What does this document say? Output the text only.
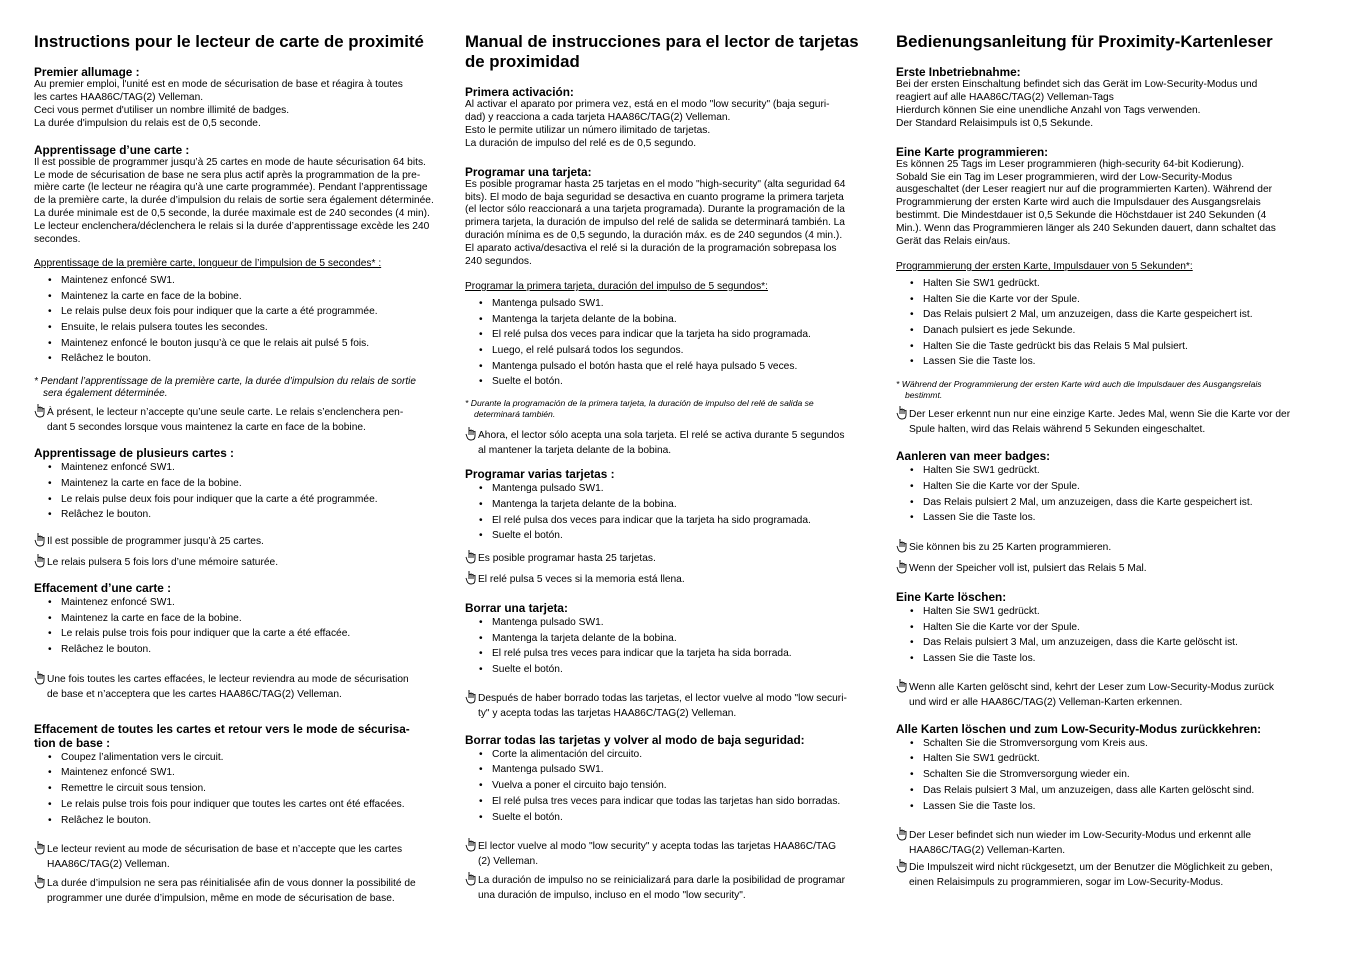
Instructions pour le lecteur de carte de proximité
Premier allumage :
Au premier emploi, l'unité est en mode de sécurisation de base et réagira à toutes
les cartes HAA86C/TAG(2) Velleman.
Ceci vous permet d'utiliser un nombre illimité de badges.
La durée d'impulsion du relais est de 0,5 seconde.
Apprentissage d’une carte :
Il est possible de programmer jusqu’à 25 cartes en mode de haute sécurisation 64 bits.
Le mode de sécurisation de base ne sera plus actif après la programmation de la pre-
mière carte (le lecteur ne réagira qu’à une carte programmée). Pendant l’apprentissage
de la première carte, la durée d’impulsion du relais de sortie sera également déterminée.
La durée minimale est de 0,5 seconde, la durée maximale est de 240 secondes (4 min).
Le lecteur enclenchera/déclenchera le relais si la durée d’apprentissage excède les 240
secondes.
Apprentissage de la première carte, longueur de l’impulsion de 5 secondes* :
• Maintenez enfoncé SW1.
• Maintenez la carte en face de la bobine.
• Le relais pulse deux fois pour indiquer que la carte a été programmée.
• Ensuite, le relais pulsera toutes les secondes.
• Maintenez enfoncé le bouton jusqu’à ce que le relais ait pulsé 5 fois.
• Relâchez le bouton.
* Pendant l’apprentissage de la première carte, la durée d’impulsion du relais de sortie
sera également déterminée.
À présent, le lecteur n’accepte qu’une seule carte. Le relais s’enclenchera pen-
dant 5 secondes lorsque vous maintenez la carte en face de la bobine.
Apprentissage de plusieurs cartes :
• Maintenez enfoncé SW1.
• Maintenez la carte en face de la bobine.
• Le relais pulse deux fois pour indiquer que la carte a été programmée.
• Relâchez le bouton.
Il est possible de programmer jusqu’à 25 cartes.
Le relais pulsera 5 fois lors d’une mémoire saturée.
Effacement d’une carte :
• Maintenez enfoncé SW1.
• Maintenez la carte en face de la bobine.
• Le relais pulse trois fois pour indiquer que la carte a été effacée.
• Relâchez le bouton.
Une fois toutes les cartes effacées, le lecteur reviendra au mode de sécurisation
de base et n’acceptera que les cartes HAA86C/TAG(2) Velleman.
Effacement de toutes les cartes et retour vers le mode de sécurisa-
tion de base :
• Coupez l’alimentation vers le circuit.
• Maintenez enfoncé SW1.
• Remettre le circuit sous tension.
• Le relais pulse trois fois pour indiquer que toutes les cartes ont été effacées.
• Relâchez le bouton.
Le lecteur revient au mode de sécurisation de base et n’accepte que les cartes
HAA86C/TAG(2) Velleman.
La durée d’impulsion ne sera pas réinitialisée afin de vous donner la possibilité de
programmer une durée d’impulsion, même en mode de sécurisation de base.
Manual de instrucciones para el lector de tarjetas
de proximidad
Primera activación:
Al activar el aparato por primera vez, está en el modo "low security" (baja seguri-
dad) y reacciona a cada tarjeta HAA86C/TAG(2) Velleman.
Esto le permite utilizar un número ilimitado de tarjetas.
La duración de impulso del relé es de 0,5 segundo.
Programar una tarjeta:
Es posible programar hasta 25 tarjetas en el modo "high-security" (alta seguridad 64
bits). El modo de baja seguridad se desactiva en cuanto programe la primera tarjeta
(el lector sólo reaccionará a una tarjeta programada). Durante la programación de la
primera tarjeta, la duración de impulso del relé de salida se determinará también. La
duración mínima es de 0,5 segundo, la duración máx. es de 240 segundos (4 min.).
El aparato activa/desactiva el relé si la duración de la programación sobrepasa los
240 segundos.
Programar la primera tarjeta, duración del impulso de 5 segundos*:
• Mantenga pulsado SW1.
• Mantenga la tarjeta delante de la bobina.
• El relé pulsa dos veces para indicar que la tarjeta ha sido programada.
• Luego, el relé pulsará todos los segundos.
• Mantenga pulsado el botón hasta que el relé haya pulsado 5 veces.
• Suelte el botón.
* Durante la programación de la primera tarjeta, la duración de impulso del relé de salida se
determinará también.
Ahora, el lector sólo acepta una sola tarjeta. El relé se activa durante 5 segundos
al mantener la tarjeta delante de la bobina.
Programar varias tarjetas :
• Mantenga pulsado SW1.
• Mantenga la tarjeta delante de la bobina.
• El relé pulsa dos veces para indicar que la tarjeta ha sido programada.
• Suelte el botón.
Es posible programar hasta 25 tarjetas.
El relé pulsa 5 veces si la memoria está llena.
Borrar una tarjeta:
• Mantenga pulsado SW1.
• Mantenga la tarjeta delante de la bobina.
• El relé pulsa tres veces para indicar que la tarjeta ha sida borrada.
• Suelte el botón.
Después de haber borrado todas las tarjetas, el lector vuelve al modo "low securi-
ty" y acepta todas las tarjetas HAA86C/TAG(2) Velleman.
Borrar todas las tarjetas y volver al modo de baja seguridad:
• Corte la alimentación del circuito.
• Mantenga pulsado SW1.
• Vuelva a poner el circuito bajo tensión.
• El relé pulsa tres veces para indicar que todas las tarjetas han sido borradas.
• Suelte el botón.
El lector vuelve al modo "low security" y acepta todas las tarjetas HAA86C/TAG
(2) Velleman.
La duración de impulso no se reinicializará para darle la posibilidad de programar
una duración de impulso, incluso en el modo "low security".
Bedienungsanleitung für Proximity-Kartenleser
Erste Inbetriebnahme:
Bei der ersten Einschaltung befindet sich das Gerät im Low-Security-Modus und
reagiert auf alle HAA86C/TAG(2) Velleman-Tags
Hierdurch können Sie eine unendliche Anzahl von Tags verwenden.
Der Standard Relaisimpuls ist 0,5 Sekunde.
Eine Karte programmieren:
Es können 25 Tags im Leser programmieren (high-security 64-bit Kodierung).
Sobald Sie ein Tag im Leser programmieren, wird der Low-Security-Modus
ausgeschaltet (der Leser reagiert nur auf die programmierten Karten). Während der
Programmierung der ersten Karte wird auch die Impulsdauer des Ausgangsrelais
bestimmt. Die Mindestdauer ist 0,5 Sekunde die Höchstdauer ist 240 Sekunden (4
Min.). Wenn das Programmieren länger als 240 Sekunden dauert, dann schaltet das
Gerät das Relais ein/aus.
Programmierung der ersten Karte, Impulsdauer von 5 Sekunden*:
• Halten Sie SW1 gedrückt.
• Halten Sie die Karte vor der Spule.
• Das Relais pulsiert 2 Mal, um anzuzeigen, dass die Karte gespeichert ist.
• Danach pulsiert es jede Sekunde.
• Halten Sie die Taste gedrückt bis das Relais 5 Mal pulsiert.
• Lassen Sie die Taste los.
* Während der Programmierung der ersten Karte wird auch die Impulsdauer des Ausgangsrelais
bestimmt.
Der Leser erkennt nun nur eine einzige Karte. Jedes Mal, wenn Sie die Karte vor der
Spule halten, wird das Relais während 5 Sekunden eingeschaltet.
Aanleren van meer badges:
• Halten Sie SW1 gedrückt.
• Halten Sie die Karte vor der Spule.
• Das Relais pulsiert 2 Mal, um anzuzeigen, dass die Karte gespeichert ist.
• Lassen Sie die Taste los.
Sie können bis zu 25 Karten programmieren.
Wenn der Speicher voll ist, pulsiert das Relais 5 Mal.
Eine Karte löschen:
• Halten Sie SW1 gedrückt.
• Halten Sie die Karte vor der Spule.
• Das Relais pulsiert 3 Mal, um anzuzeigen, dass die Karte gelöscht ist.
• Lassen Sie die Taste los.
Wenn alle Karten gelöscht sind, kehrt der Leser zum Low-Security-Modus zurück
und wird er alle HAA86C/TAG(2) Velleman-Karten erkennen.
Alle Karten löschen und zum Low-Security-Modus zurückkehren:
• Schalten Sie die Stromversorgung vom Kreis aus.
• Halten Sie SW1 gedrückt.
• Schalten Sie die Stromversorgung wieder ein.
• Das Relais pulsiert 3 Mal, um anzuzeigen, dass alle Karten gelöscht sind.
• Lassen Sie die Taste los.
Der Leser befindet sich nun wieder im Low-Security-Modus und erkennt alle
HAA86C/TAG(2) Velleman-Karten.
Die Impulszeit wird nicht rückgesetzt, um der Benutzer die Möglichkeit zu geben,
einen Relaisimpuls zu programmieren, sogar im Low-Security-Modus.
